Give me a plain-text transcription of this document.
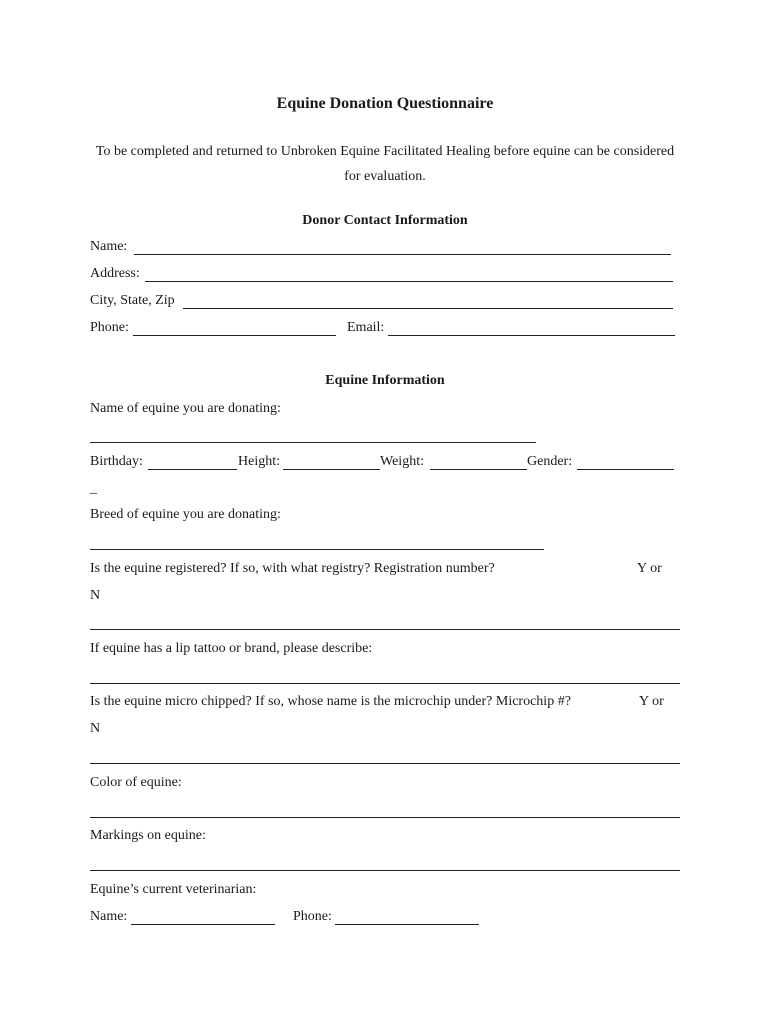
Equine Donation Questionnaire
To be completed and returned to Unbroken Equine Facilitated Healing before equine can be considered
for evaluation.
Donor Contact Information
Name:
Address:
City, State, Zip
Phone:	Email:
Equine Information
Name of equine you are donating:
Birthday:	Height:	Weight:	Gender:
_
Breed of equine you are donating:
Is the equine registered? If so, with what registry? Registration number?	Y or
N
If equine has a lip tattoo or brand, please describe:
Is the equine micro chipped? If so, whose name is the microchip under? Microchip #?	Y or
N
Color of equine:
Markings on equine:
Equine’s current veterinarian:
Name:	Phone:
